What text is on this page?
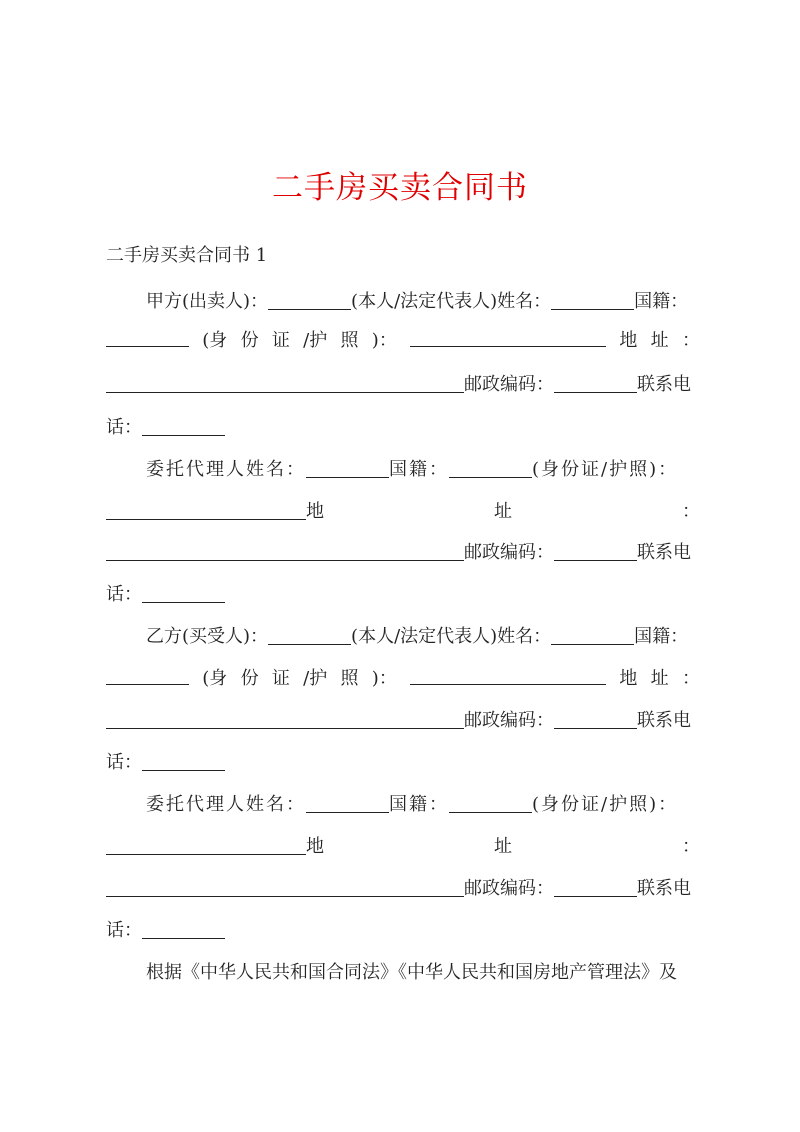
二手房买卖合同书
二手房买卖合同书 1
甲方(出卖人)：	(本人/法定代表人)姓名：	国籍：
(身 份 证 /护 照 )：	地 址 ：
邮政编码：	联系电
话：
委托代理人姓名：	国籍：	(身份证/护照)：
地	址	：
邮政编码：	联系电
话：
乙方(买受人)：	(本人/法定代表人)姓名：	国籍：
(身 份 证 /护 照 )：	地 址 ：
邮政编码：	联系电
话：
委托代理人姓名：	国籍：	(身份证/护照)：
地	址	：
邮政编码：	联系电
话：
根据《中华人民共和国合同法》《中华人民共和国房地产管理法》及
